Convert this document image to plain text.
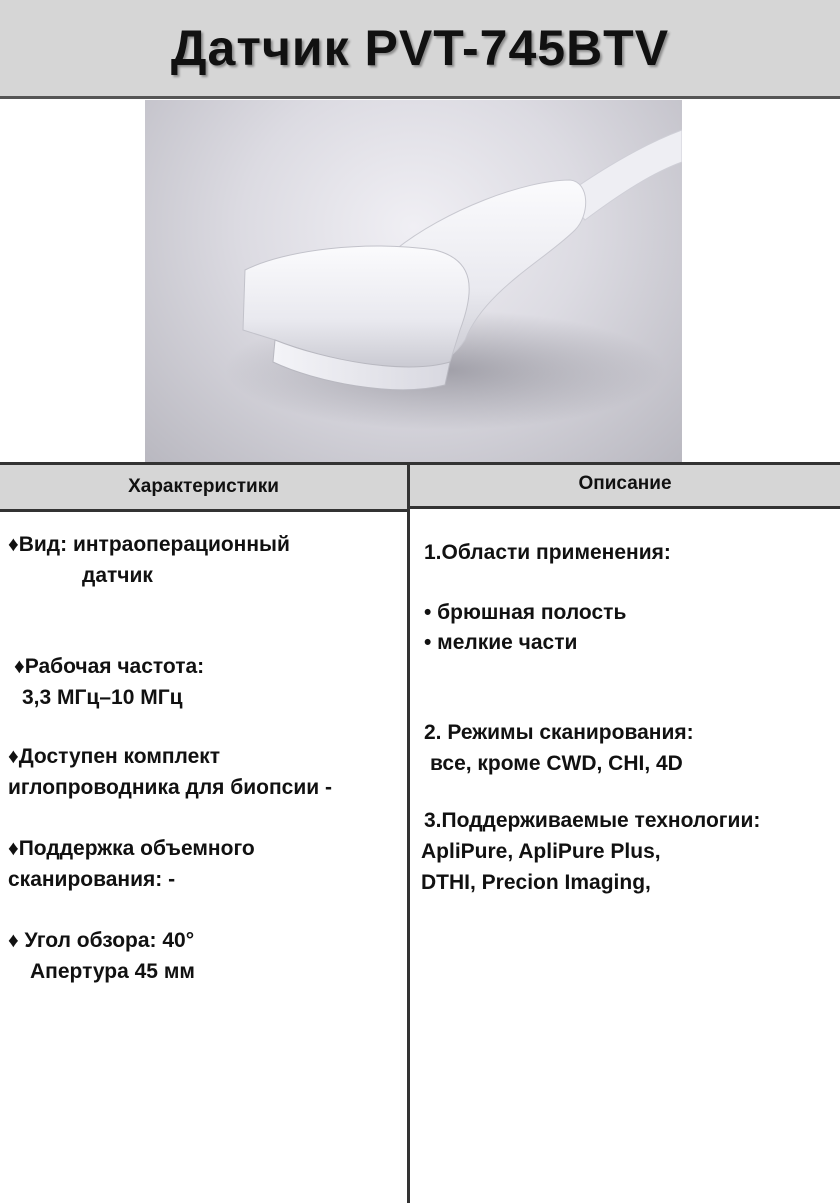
Датчик PVT-745BTV
Характеристики	Описание
♦Вид: интраоперационный
датчик
♦Рабочая частота:
3,3 МГц–10 МГц
♦Доступен комплект
иглопроводника для биопсии -
♦Поддержка объемного
сканирования: -
♦ Угол обзора: 40°
Апертура 45 мм
1.Области применения:
• брюшная полость
• мелкие части
2. Режимы сканирования:
все, кроме CWD, CHI, 4D
3.Поддерживаемые технологии:
ApliPure, ApliPure Plus,
DTHI, Precion Imaging,
